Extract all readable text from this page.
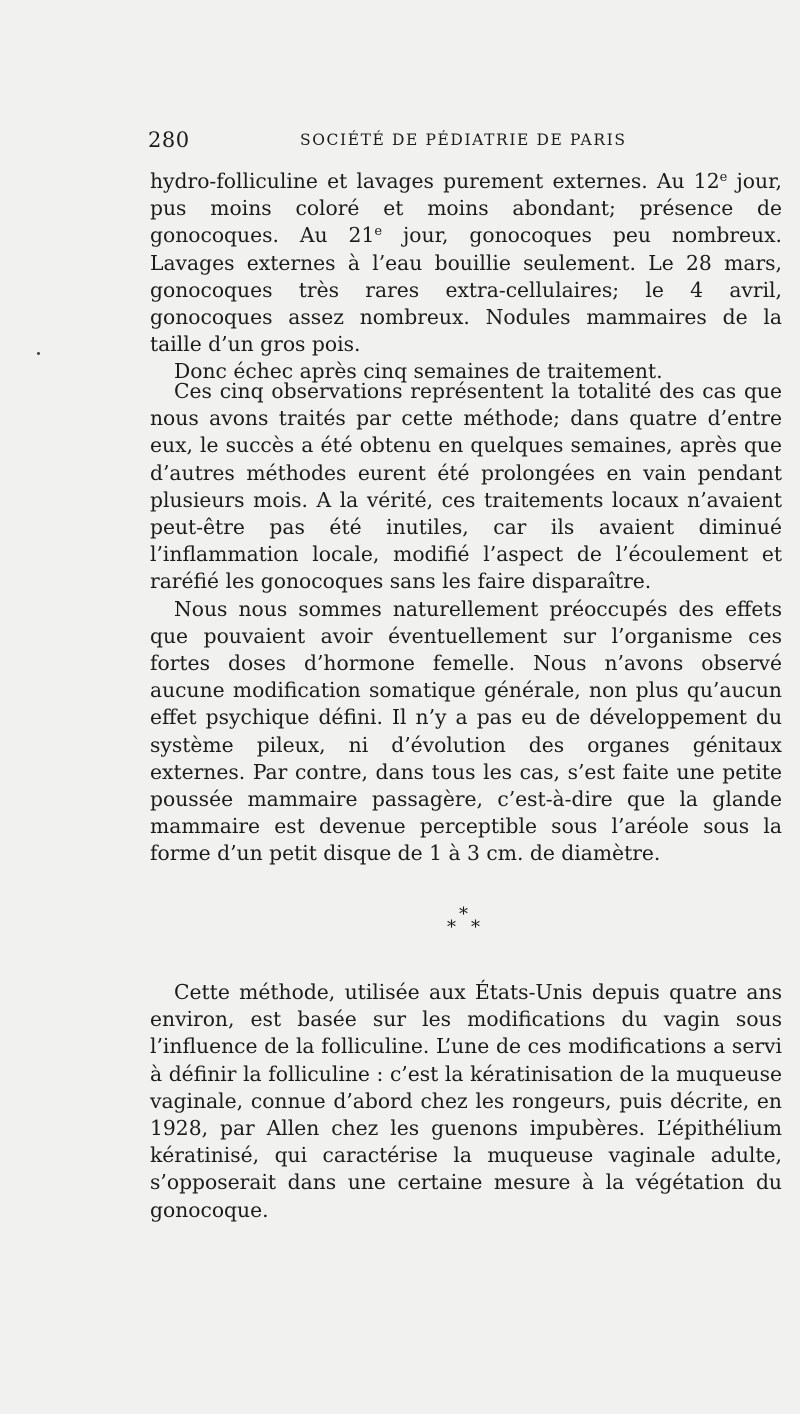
280	SOCIÉTÉ DE PÉDIATRIE DE PARIS

hydro-folliculine et lavages purement externes. Au 12e jour, pus moins coloré et moins abondant; présence de gonocoques. Au 21e jour, gonocoques peu nombreux. Lavages externes à l’eau bouillie seulement. Le 28 mars, gonocoques très rares extra-cellulaires; le 4 avril, gonocoques assez nombreux. Nodules mammaires de la taille d’un gros pois.

Donc échec après cinq semaines de traitement.

Ces cinq observations représentent la totalité des cas que nous avons traités par cette méthode; dans quatre d’entre eux, le succès a été obtenu en quelques semaines, après que d’autres méthodes eurent été prolongées en vain pendant plusieurs mois. A la vérité, ces traitements locaux n’avaient peut-être pas été inutiles, car ils avaient diminué l’inflammation locale, modifié l’aspect de l’écoulement et raréfié les gonocoques sans les faire disparaître.

Nous nous sommes naturellement préoccupés des effets que pouvaient avoir éventuellement sur l’organisme ces fortes doses d’hormone femelle. Nous n’avons observé aucune modification somatique générale, non plus qu’aucun effet psychique défini. Il n’y a pas eu de développement du système pileux, ni d’évolution des organes génitaux externes. Par contre, dans tous les cas, s’est faite une petite poussée mammaire passagère, c’est-à-dire que la glande mammaire est devenue perceptible sous l’aréole sous la forme d’un petit disque de 1 à 3 cm. de diamètre.

*
* *

Cette méthode, utilisée aux États-Unis depuis quatre ans environ, est basée sur les modifications du vagin sous l’influence de la folliculine. L’une de ces modifications a servi à définir la folliculine : c’est la kératinisation de la muqueuse vaginale, connue d’abord chez les rongeurs, puis décrite, en 1928, par Allen chez les guenons impubères. L’épithélium kératinisé, qui caractérise la muqueuse vaginale adulte, s’opposerait dans une certaine mesure à la végétation du gonocoque.
